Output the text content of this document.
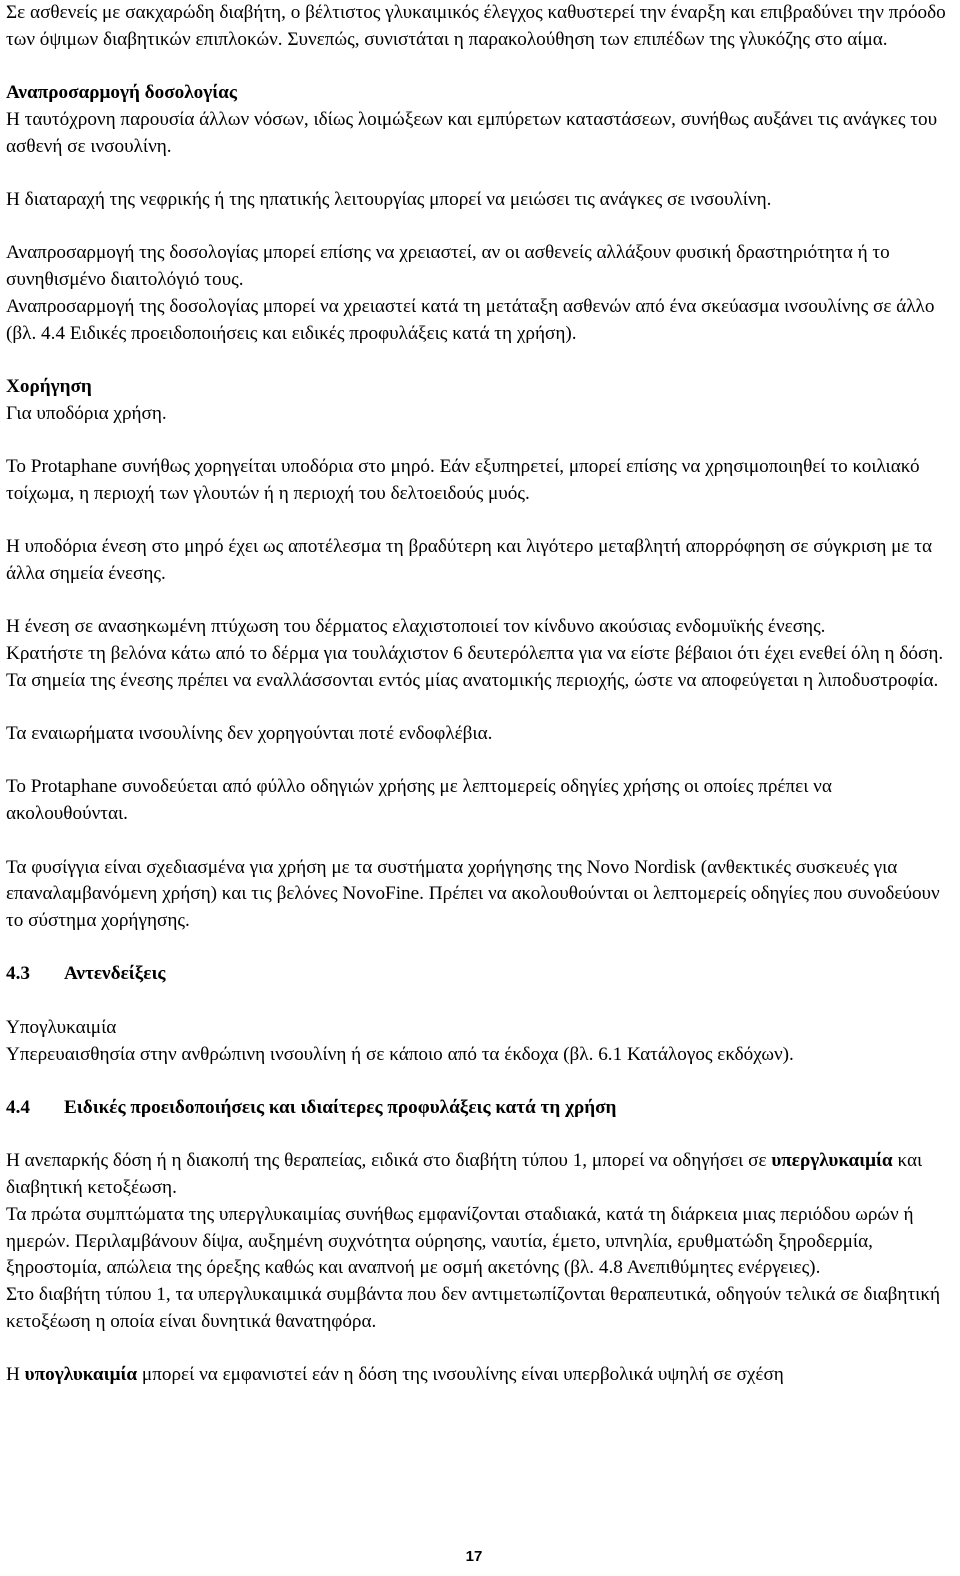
Σε ασθενείς με σακχαρώδη διαβήτη, ο βέλτιστος γλυκαιμικός έλεγχος καθυστερεί την έναρξη και επιβραδύνει την πρόοδο των όψιμων διαβητικών επιπλοκών. Συνεπώς, συνιστάται η παρακολούθηση των επιπέδων της γλυκόζης στο αίμα.

Αναπροσαρμογή δοσολογίας

Η ταυτόχρονη παρουσία άλλων νόσων, ιδίως λοιμώξεων και εμπύρετων καταστάσεων, συνήθως αυξάνει τις ανάγκες του ασθενή σε ινσουλίνη.

Η διαταραχή της νεφρικής ή της ηπατικής λειτουργίας μπορεί να μειώσει τις ανάγκες σε ινσουλίνη.

Αναπροσαρμογή της δοσολογίας μπορεί επίσης να χρειαστεί, αν οι ασθενείς αλλάξουν φυσική δραστηριότητα ή το συνηθισμένο διαιτολόγιό τους.

Αναπροσαρμογή της δοσολογίας μπορεί να χρειαστεί κατά τη μετάταξη ασθενών από ένα σκεύασμα ινσουλίνης σε άλλο (βλ. 4.4 Ειδικές προειδοποιήσεις και ειδικές προφυλάξεις κατά τη χρήση).

Χορήγηση

Για υποδόρια χρήση.

Το Protaphane συνήθως χορηγείται υποδόρια στο μηρό. Εάν εξυπηρετεί, μπορεί επίσης να χρησιμοποιηθεί το κοιλιακό τοίχωμα, η περιοχή των γλουτών ή η περιοχή του δελτοειδούς μυός.

Η υποδόρια ένεση στο μηρό έχει ως αποτέλεσμα τη βραδύτερη και λιγότερο μεταβλητή απορρόφηση σε σύγκριση με τα άλλα σημεία ένεσης.

Η ένεση σε ανασηκωμένη πτύχωση του δέρματος ελαχιστοποιεί τον κίνδυνο ακούσιας ενδομυϊκής ένεσης.

Κρατήστε τη βελόνα κάτω από το δέρμα για τουλάχιστον 6 δευτερόλεπτα για να είστε βέβαιοι ότι έχει ενεθεί όλη η δόση.

Τα σημεία της ένεσης πρέπει να εναλλάσσονται εντός μίας ανατομικής περιοχής, ώστε να αποφεύγεται η λιποδυστροφία.

Τα εναιωρήματα ινσουλίνης δεν χορηγούνται ποτέ ενδοφλέβια.

Το Protaphane συνοδεύεται από φύλλο οδηγιών χρήσης με λεπτομερείς οδηγίες χρήσης οι οποίες πρέπει να ακολουθούνται.

Τα φυσίγγια είναι σχεδιασμένα για χρήση με τα συστήματα χορήγησης της Novo Nordisk (ανθεκτικές συσκευές για επαναλαμβανόμενη χρήση) και τις βελόνες NovoFine. Πρέπει να ακολουθούνται οι λεπτομερείς οδηγίες που συνοδεύουν το σύστημα χορήγησης.

4.3 Αντενδείξεις

Υπογλυκαιμία

Υπερευαισθησία στην ανθρώπινη ινσουλίνη ή σε κάποιο από τα έκδοχα (βλ. 6.1 Κατάλογος εκδόχων).

4.4 Ειδικές προειδοποιήσεις και ιδιαίτερες προφυλάξεις κατά τη χρήση

Η ανεπαρκής δόση ή η διακοπή της θεραπείας, ειδικά στο διαβήτη τύπου 1, μπορεί να οδηγήσει σε υπεργλυκαιμία και διαβητική κετοξέωση.

Τα πρώτα συμπτώματα της υπεργλυκαιμίας συνήθως εμφανίζονται σταδιακά, κατά τη διάρκεια μιας περιόδου ωρών ή ημερών. Περιλαμβάνουν δίψα, αυξημένη συχνότητα ούρησης, ναυτία, έμετο, υπνηλία, ερυθματώδη ξηροδερμία, ξηροστομία, απώλεια της όρεξης καθώς και αναπνοή με οσμή ακετόνης (βλ. 4.8 Ανεπιθύμητες ενέργειες).

Στο διαβήτη τύπου 1, τα υπεργλυκαιμικά συμβάντα που δεν αντιμετωπίζονται θεραπευτικά, οδηγούν τελικά σε διαβητική κετοξέωση η οποία είναι δυνητικά θανατηφόρα.

Η υπογλυκαιμία μπορεί να εμφανιστεί εάν η δόση της ινσουλίνης είναι υπερβολικά υψηλή σε σχέση

17
